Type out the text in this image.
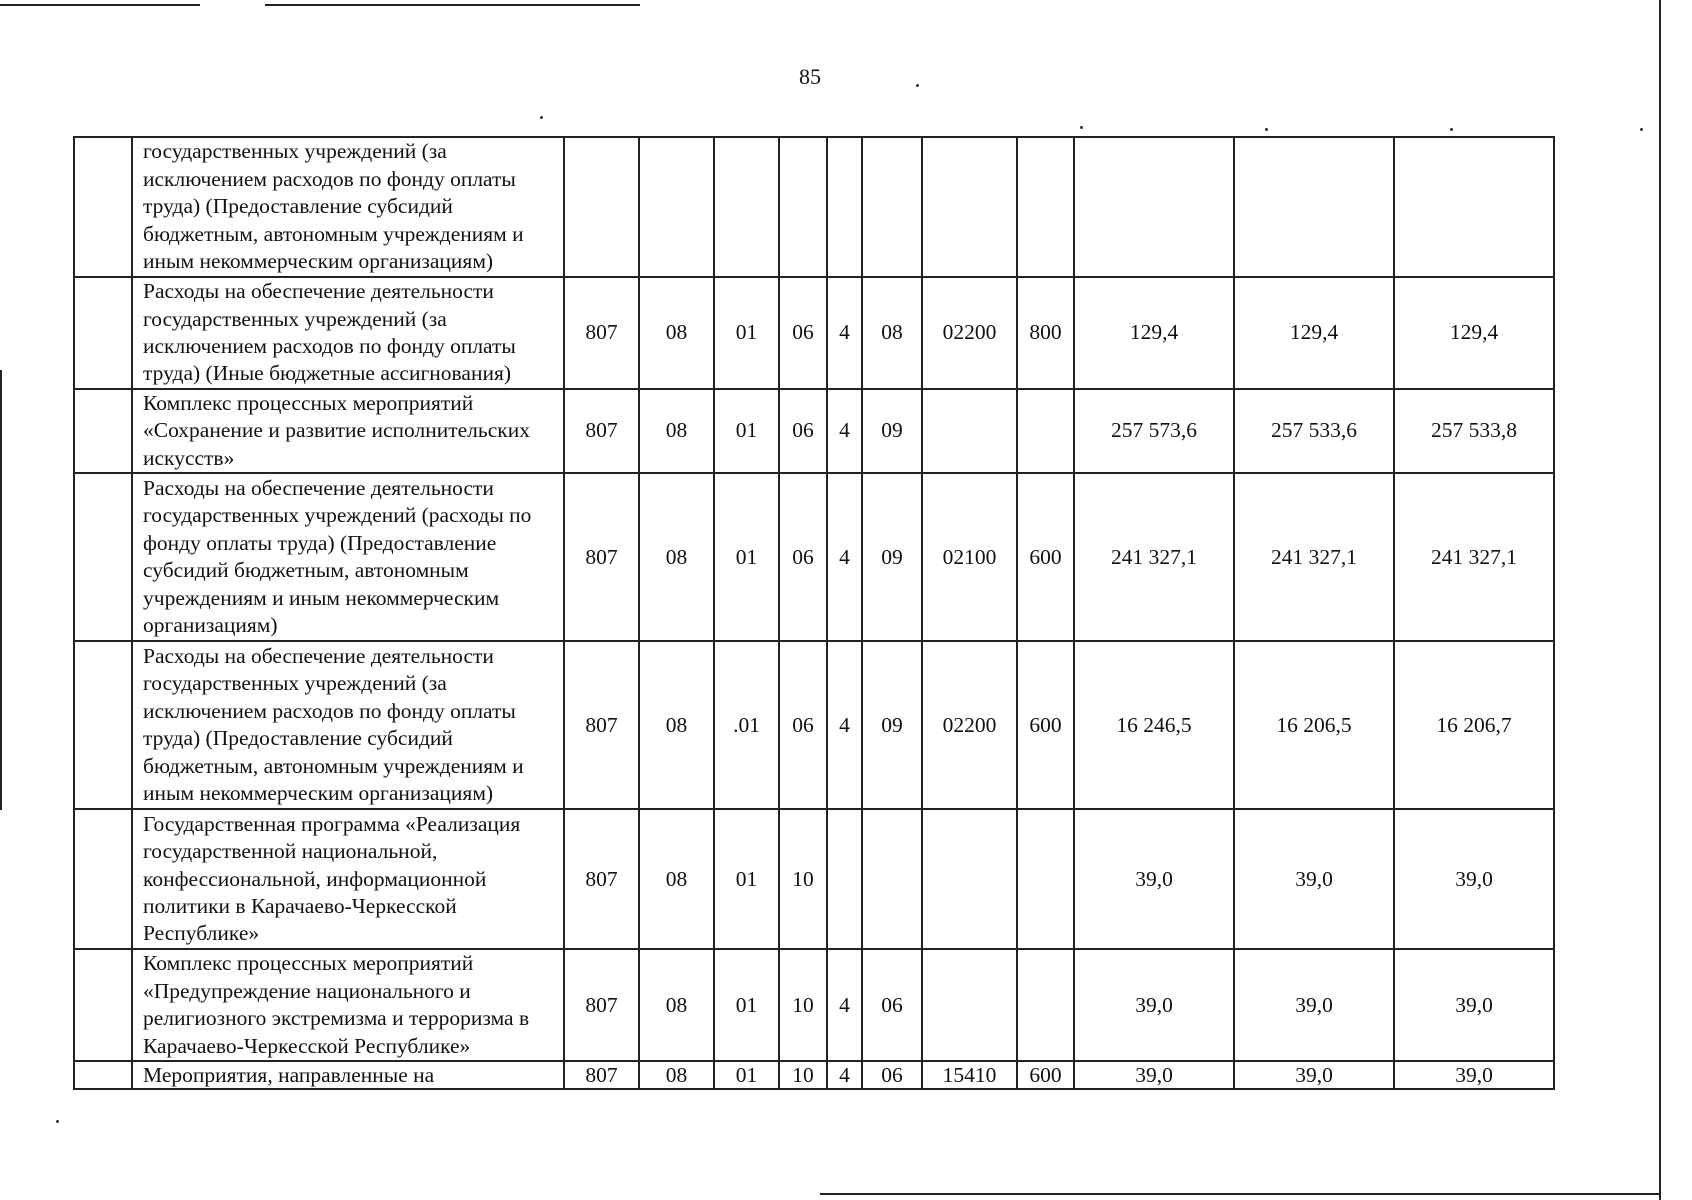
85
	государственных учреждений (за исключением расходов по фонду оплаты труда) (Предоставление субсидий бюджетным, автономным учреждениям и иным некоммерческим организациям)											
	Расходы на обеспечение деятельности государственных учреждений (за исключением расходов по фонду оплаты труда) (Иные бюджетные ассигнования)	807	08	01	06	4	08	02200	800	129,4	129,4	129,4
	Комплекс процессных мероприятий «Сохранение и развитие исполнительских искусств»	807	08	01	06	4	09			257 573,6	257 533,6	257 533,8
	Расходы на обеспечение деятельности государственных учреждений (расходы по фонду оплаты труда) (Предоставление субсидий бюджетным, автономным учреждениям и иным некоммерческим организациям)	807	08	01	06	4	09	02100	600	241 327,1	241 327,1	241 327,1
	Расходы на обеспечение деятельности государственных учреждений (за исключением расходов по фонду оплаты труда) (Предоставление субсидий бюджетным, автономным учреждениям и иным некоммерческим организациям)	807	08	.01	06	4	09	02200	600	16 246,5	16 206,5	16 206,7
	Государственная программа «Реализация государственной национальной, конфессиональной, информационной политики в Карачаево-Черкесской Республике»	807	08	01	10					39,0	39,0	39,0
	Комплекс процессных мероприятий «Предупреждение национального и религиозного экстремизма и терроризма в Карачаево-Черкесской Республике»	807	08	01	10	4	06			39,0	39,0	39,0
	Мероприятия, направленные на	807	08	01	10	4	06	15410	600	39,0	39,0	39,0
